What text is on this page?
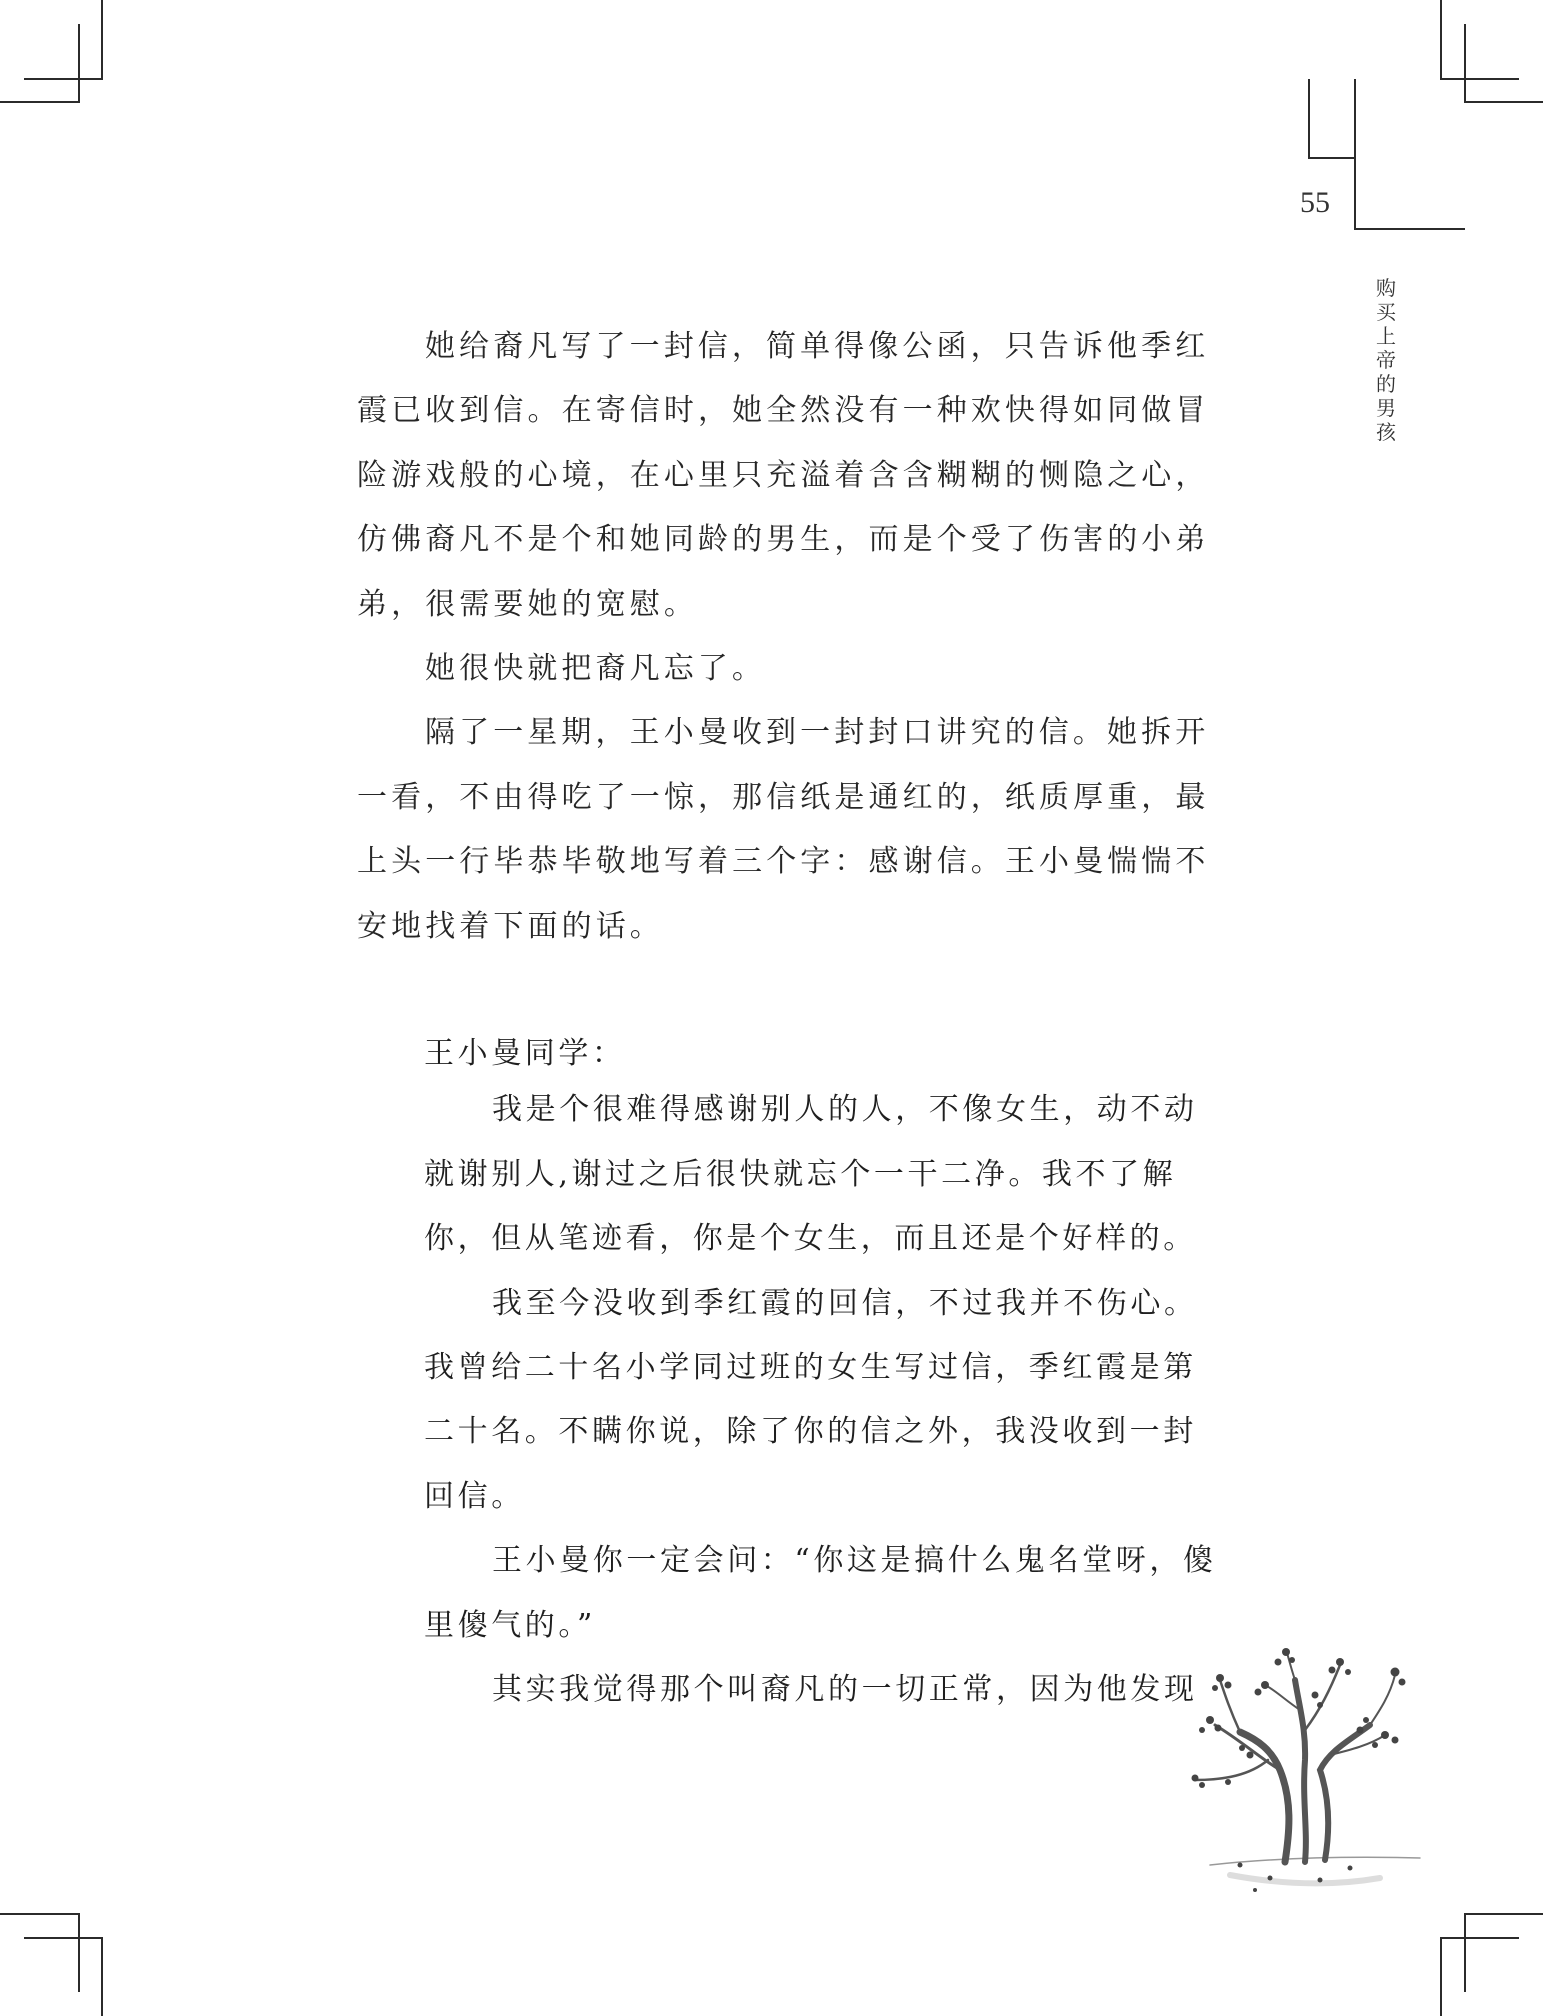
55
购
买
上
帝
的
男
孩

她给裔凡写了一封信，简单得像公函，只告诉他季红霞已收到信。在寄信时，她全然没有一种欢快得如同做冒险游戏般的心境，在心里只充溢着含含糊糊的恻隐之心，仿佛裔凡不是个和她同龄的男生，而是个受了伤害的小弟弟，很需要她的宽慰。

她很快就把裔凡忘了。

隔了一星期，王小曼收到一封封口讲究的信。她拆开一看，不由得吃了一惊，那信纸是通红的，纸质厚重，最上头一行毕恭毕敬地写着三个字：感谢信。王小曼惴惴不安地找着下面的话。

王小曼同学：

我是个很难得感谢别人的人，不像女生，动不动就谢别人,谢过之后很快就忘个一干二净。我不了解你，但从笔迹看，你是个女生，而且还是个好样的。

我至今没收到季红霞的回信，不过我并不伤心。我曾给二十名小学同过班的女生写过信，季红霞是第二十名。不瞒你说，除了你的信之外，我没收到一封回信。

王小曼你一定会问：“你这是搞什么鬼名堂呀，傻里傻气的。”

其实我觉得那个叫裔凡的一切正常，因为他发现
